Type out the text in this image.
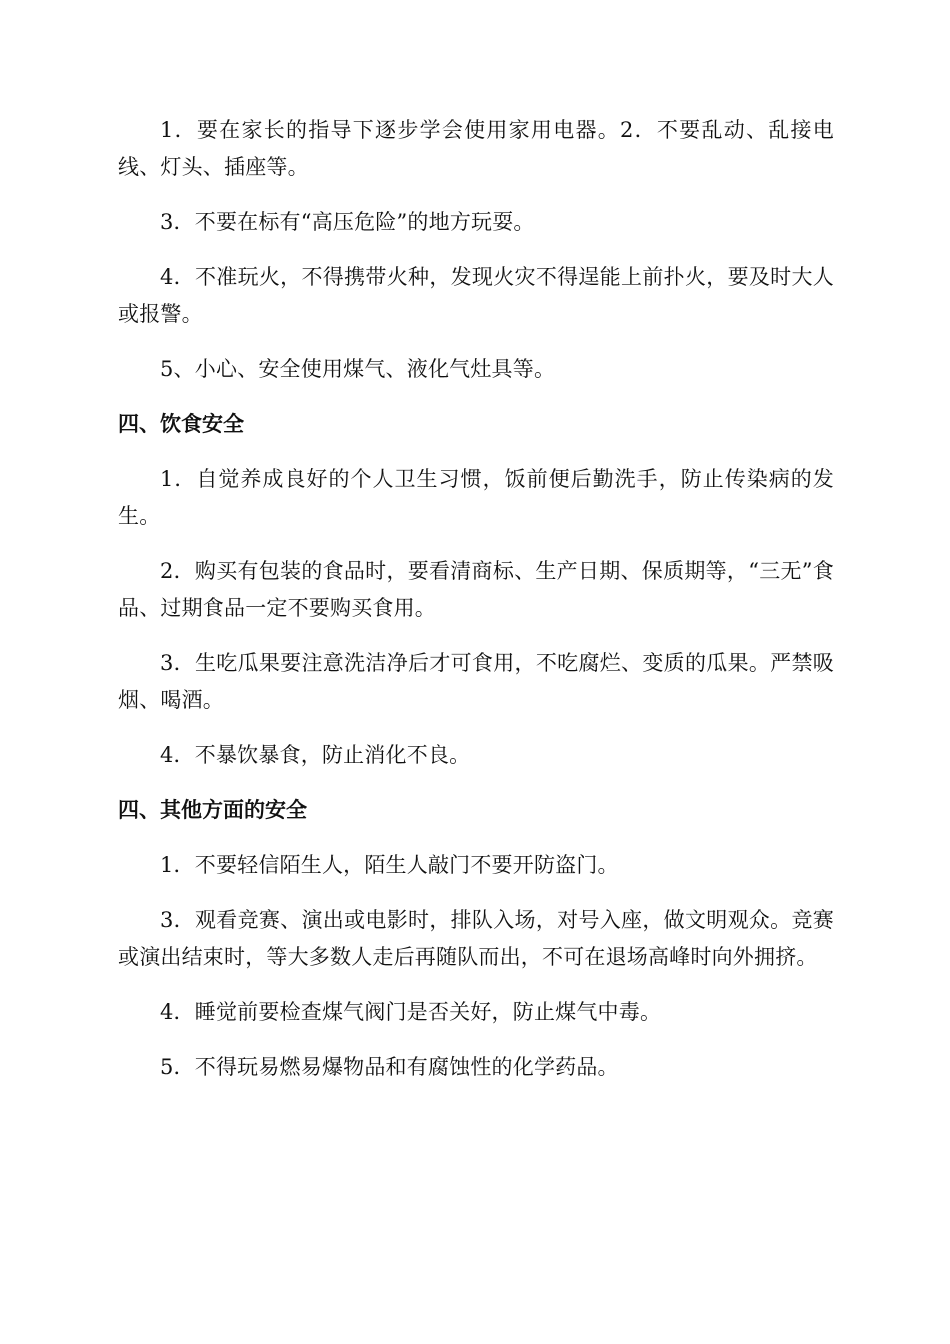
1．要在家长的指导下逐步学会使用家用电器。2．不要乱动、乱接电线、灯头、插座等。

3．不要在标有“高压危险”的地方玩耍。

4．不准玩火，不得携带火种，发现火灾不得逞能上前扑火，要及时大人或报警。

5、小心、安全使用煤气、液化气灶具等。

四、饮食安全

1．自觉养成良好的个人卫生习惯，饭前便后勤洗手，防止传染病的发生。

2．购买有包装的食品时，要看清商标、生产日期、保质期等，“三无”食品、过期食品一定不要购买食用。

3．生吃瓜果要注意洗洁净后才可食用，不吃腐烂、变质的瓜果。严禁吸烟、喝酒。

4．不暴饮暴食，防止消化不良。

四、其他方面的安全

1．不要轻信陌生人，陌生人敲门不要开防盗门。

3．观看竞赛、演出或电影时，排队入场，对号入座，做文明观众。竞赛或演出结束时，等大多数人走后再随队而出，不可在退场高峰时向外拥挤。

4．睡觉前要检查煤气阀门是否关好，防止煤气中毒。

5．不得玩易燃易爆物品和有腐蚀性的化学药品。
